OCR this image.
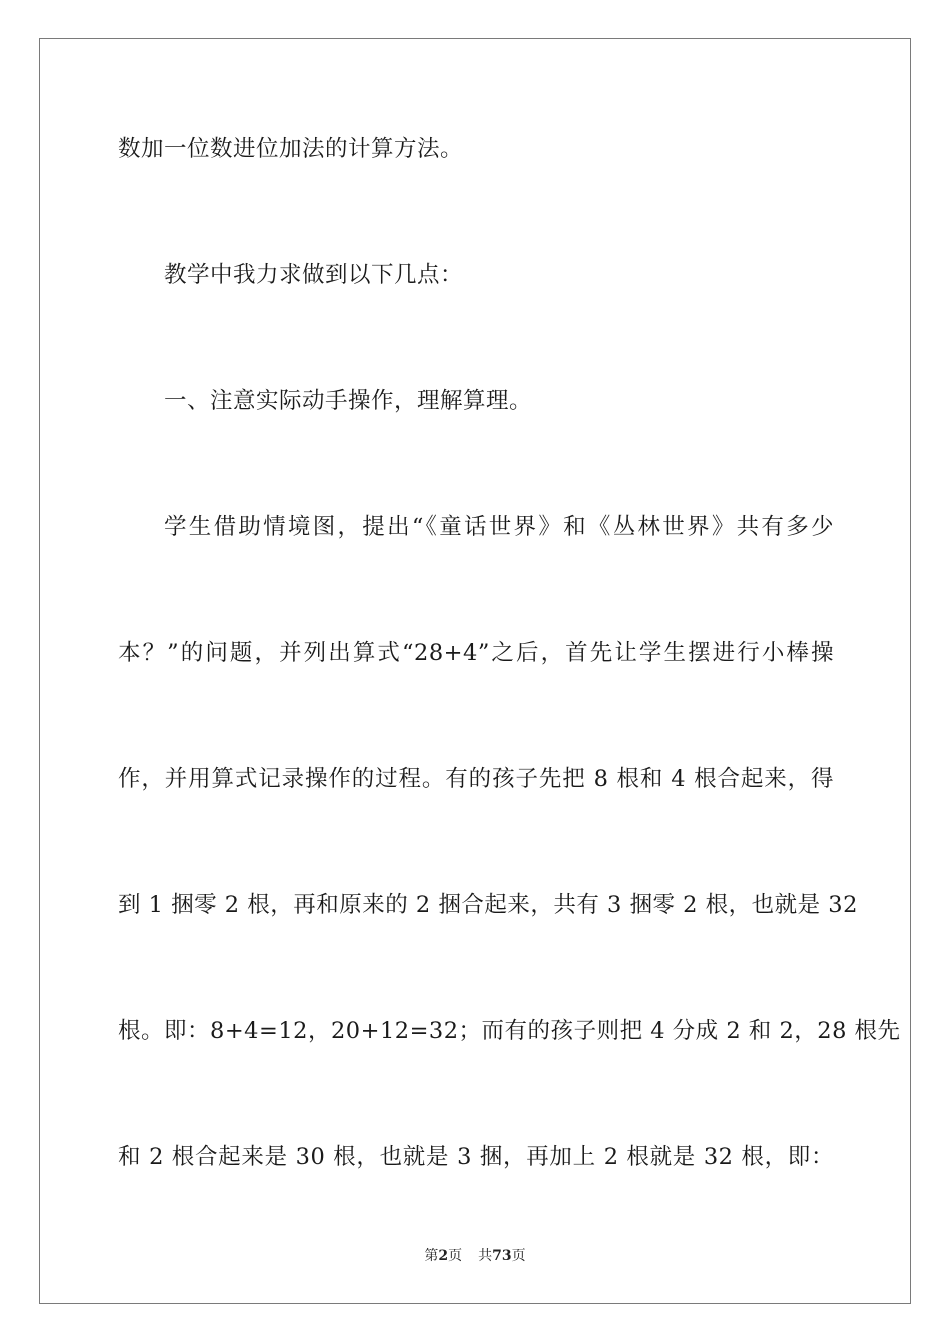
数加一位数进位加法的计算方法。
教学中我力求做到以下几点：
一、注意实际动手操作，理解算理。
学生借助情境图，提出“《童话世界》和《丛林世界》共有多少
本？”的问题，并列出算式“28+4”之后，首先让学生摆进行小棒操
作，并用算式记录操作的过程。有的孩子先把 8 根和 4 根合起来，得
到 1 捆零 2 根，再和原来的 2 捆合起来，共有 3 捆零 2 根，也就是 32
根。即：8+4=12，20+12=32；而有的孩子则把 4 分成 2 和 2，28 根先
和 2 根合起来是 30 根，也就是 3 捆，再加上 2 根就是 32 根，即：
第2页 共73页
